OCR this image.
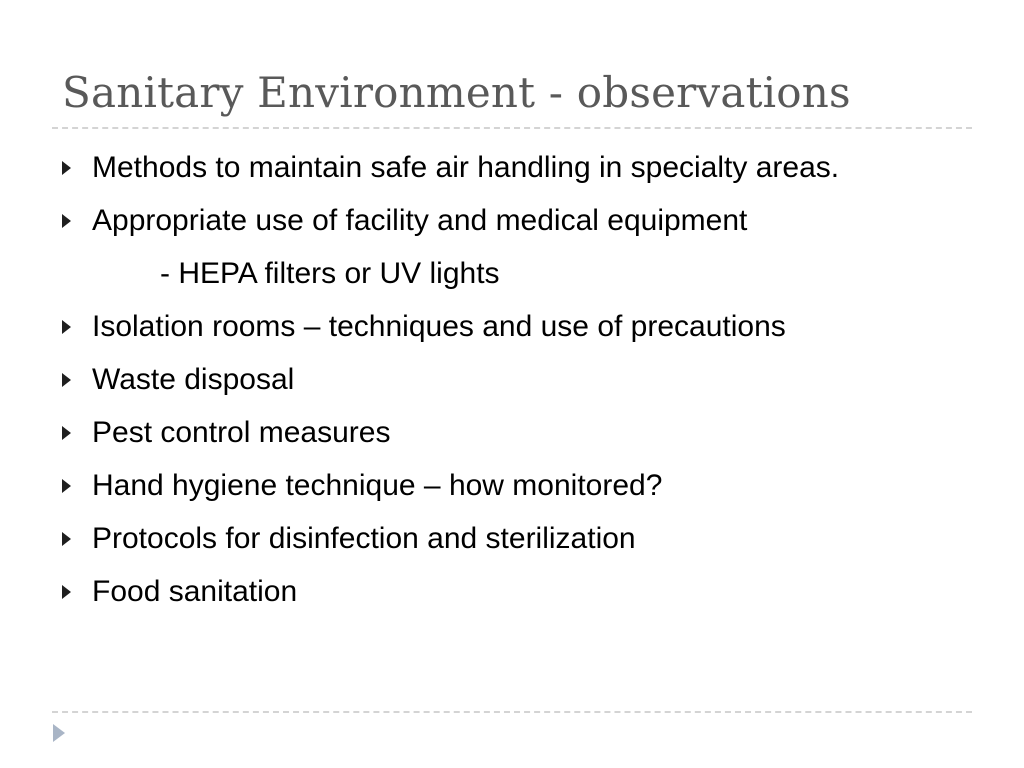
Sanitary Environment - observations
Methods to maintain safe air handling in specialty areas.
Appropriate use of facility and medical equipment
- HEPA filters or UV lights
Isolation rooms – techniques and use of precautions
Waste disposal
Pest control measures
Hand hygiene technique – how monitored?
Protocols for disinfection and sterilization
Food sanitation
